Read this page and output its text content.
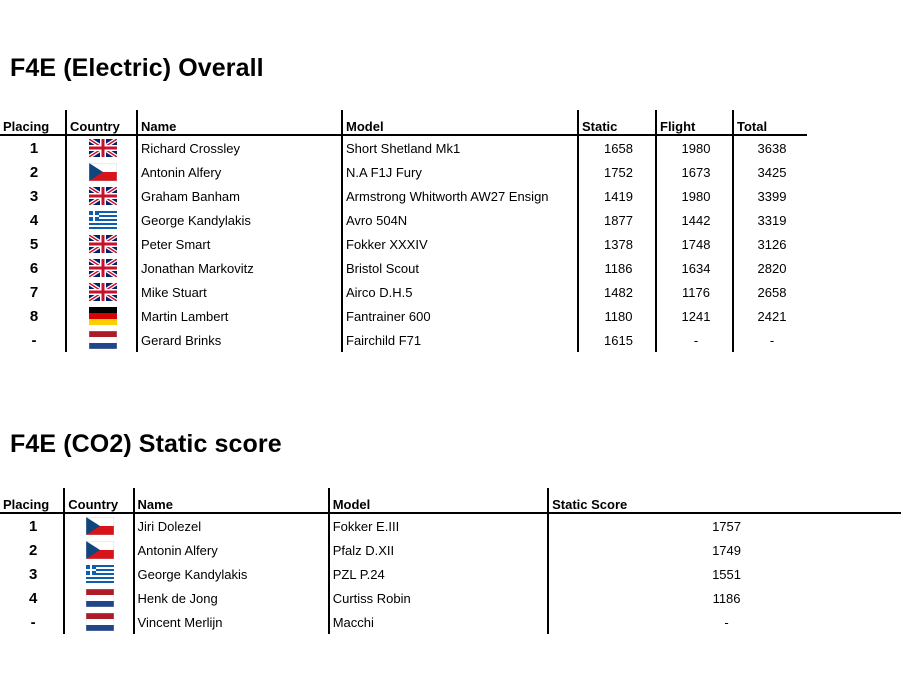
F4E (Electric) Overall
Placing	Country	Name	Model	Static	Flight	Total
1		Richard Crossley	Short Shetland Mk1	1658	1980	3638
2		Antonin Alfery	N.A F1J Fury	1752	1673	3425
3		Graham Banham	Armstrong Whitworth AW27 Ensign	1419	1980	3399
4		George Kandylakis	Avro 504N	1877	1442	3319
5		Peter Smart	Fokker XXXIV	1378	1748	3126
6		Jonathan Markovitz	Bristol Scout	1186	1634	2820
7		Mike Stuart	Airco D.H.5	1482	1176	2658
8		Martin Lambert	Fantrainer 600	1180	1241	2421
-		Gerard Brinks	Fairchild F71	1615	-	-
F4E (CO2) Static score
Placing	Country	Name	Model	Static Score
1		Jiri Dolezel	Fokker E.III	1757
2		Antonin Alfery	Pfalz D.XII	1749
3		George Kandylakis	PZL P.24	1551
4		Henk de Jong	Curtiss Robin	1186
-		Vincent Merlijn	Macchi	-
